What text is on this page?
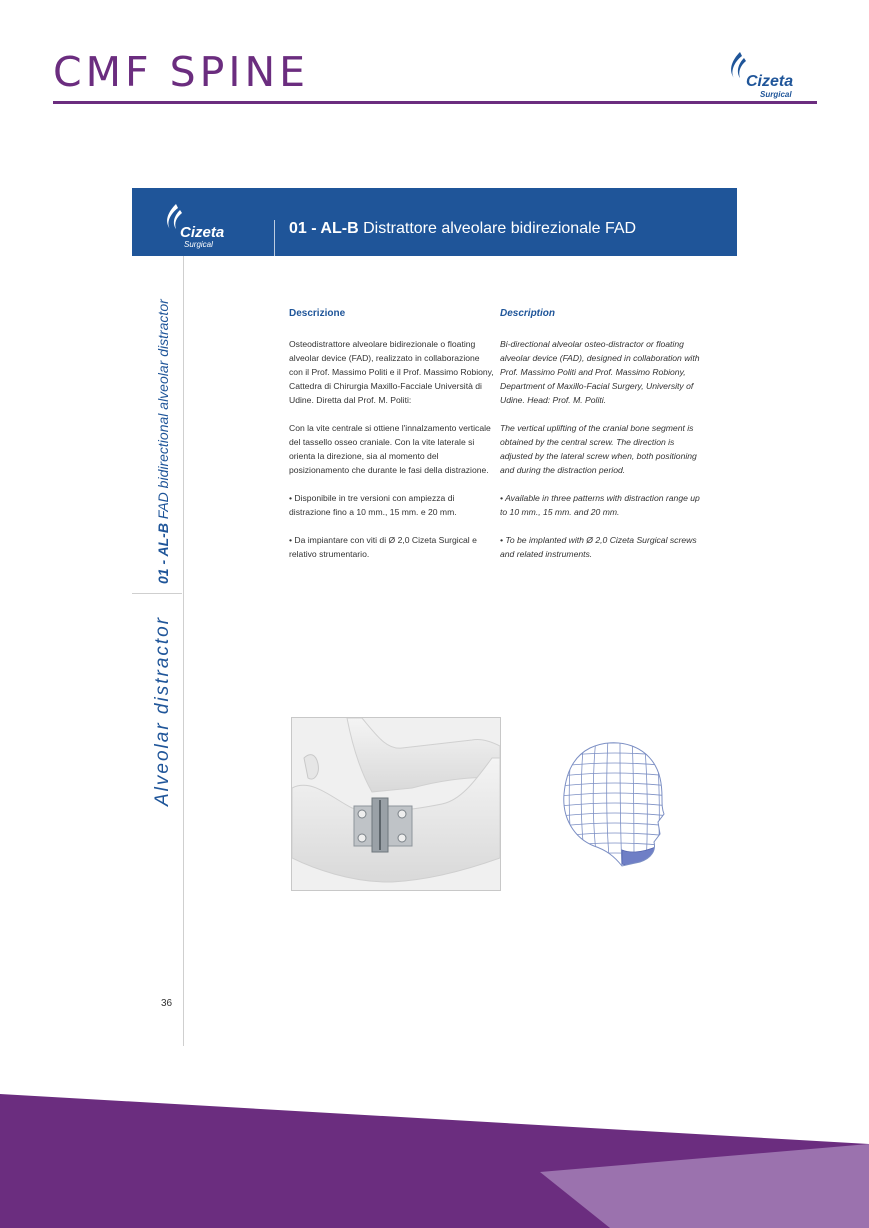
CMF SPINE	Cizeta
Surgical
Cizeta
Surgical
01 - AL-B Distrattore alveolare bidirezionale FAD
01 - AL-B FAD bidirectional alveolar distractor
Alveolar distractor
36
Descrizione

Osteodistrattore alveolare bidirezionale o floating alveolar device (FAD), realizzato in collaborazione con il Prof. Massimo Politi e il Prof. Massimo Robiony, Cattedra di Chirurgia Maxillo-Facciale Università di Udine. Diretta dal Prof. M. Politi:

Con la vite centrale si ottiene l'innalzamento verticale del tassello osseo craniale. Con la vite laterale si orienta la direzione, sia al momento del posizionamento che durante le fasi della distrazione.

• Disponibile in tre versioni con ampiezza di distrazione fino a 10 mm., 15 mm. e 20 mm.

• Da impiantare con viti di Ø 2,0 Cizeta Surgical e relativo strumentario.

Description

Bi-directional alveolar osteo-distractor or floating alveolar device (FAD), designed in collaboration with Prof. Massimo Politi and Prof. Massimo Robiony, Department of Maxillo-Facial Surgery, University of Udine. Head: Prof. M. Politi.

The vertical uplifting of the cranial bone segment is obtained by the central screw. The direction is adjusted by the lateral screw when, both positioning and during the distraction period.

• Available in three patterns with distraction range up to 10 mm., 15 mm. and 20 mm.

• To be implanted with Ø 2,0 Cizeta Surgical screws and related instruments.
